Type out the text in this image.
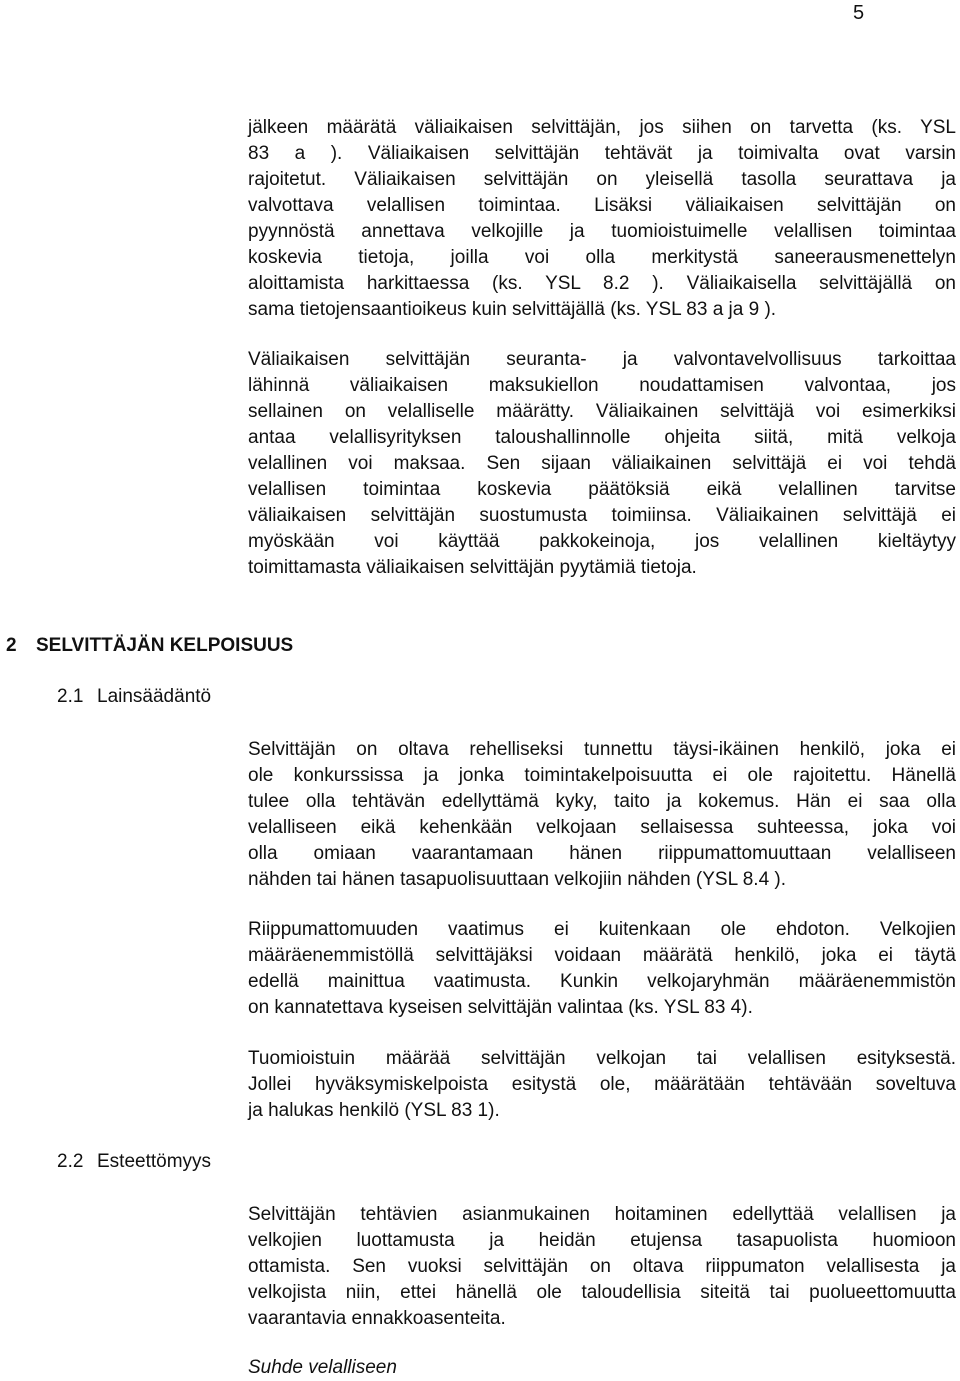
5
jälkeen määrätä väliaikaisen selvittäjän, jos siihen on tarvetta (ks. YSL
83 a ). Väliaikaisen selvittäjän tehtävät ja toimivalta ovat varsin
rajoitetut. Väliaikaisen selvittäjän on yleisellä tasolla seurattava ja
valvottava velallisen toimintaa. Lisäksi väliaikaisen selvittäjän on
pyynnöstä annettava velkojille ja tuomioistuimelle velallisen toimintaa
koskevia tietoja, joilla voi olla merkitystä saneerausmenettelyn
aloittamista harkittaessa (ks. YSL 8.2 ). Väliaikaisella selvittäjällä on
sama tietojensaantioikeus kuin selvittäjällä (ks. YSL 83 a ja 9 ).
Väliaikaisen selvittäjän seuranta- ja valvontavelvollisuus tarkoittaa
lähinnä väliaikaisen maksukiellon noudattamisen valvontaa, jos
sellainen on velalliselle määrätty. Väliaikainen selvittäjä voi esimerkiksi
antaa velallisyrityksen taloushallinnolle ohjeita siitä, mitä velkoja
velallinen voi maksaa. Sen sijaan väliaikainen selvittäjä ei voi tehdä
velallisen toimintaa koskevia päätöksiä eikä velallinen tarvitse
väliaikaisen selvittäjän suostumusta toimiinsa. Väliaikainen selvittäjä ei
myöskään voi käyttää pakkokeinoja, jos velallinen kieltäytyy
toimittamasta väliaikaisen selvittäjän pyytämiä tietoja.
2 SELVITTÄJÄN KELPOISUUS
2.1 Lainsäädäntö
Selvittäjän on oltava rehelliseksi tunnettu täysi-ikäinen henkilö, joka ei
ole konkurssissa ja jonka toimintakelpoisuutta ei ole rajoitettu. Hänellä
tulee olla tehtävän edellyttämä kyky, taito ja kokemus. Hän ei saa olla
velalliseen eikä kehenkään velkojaan sellaisessa suhteessa, joka voi
olla omiaan vaarantamaan hänen riippumattomuuttaan velalliseen
nähden tai hänen tasapuolisuuttaan velkojiin nähden (YSL 8.4 ).
Riippumattomuuden vaatimus ei kuitenkaan ole ehdoton. Velkojien
määräenemmistöllä selvittäjäksi voidaan määrätä henkilö, joka ei täytä
edellä mainittua vaatimusta. Kunkin velkojaryhmän määräenemmistön
on kannatettava kyseisen selvittäjän valintaa (ks. YSL 83 4).
Tuomioistuin määrää selvittäjän velkojan tai velallisen esityksestä.
Jollei hyväksymiskelpoista esitystä ole, määrätään tehtävään soveltuva
ja halukas henkilö (YSL 83 1).
2.2 Esteettömyys
Selvittäjän tehtävien asianmukainen hoitaminen edellyttää velallisen ja
velkojien luottamusta ja heidän etujensa tasapuolista huomioon
ottamista. Sen vuoksi selvittäjän on oltava riippumaton velallisesta ja
velkojista niin, ettei hänellä ole taloudellisia siteitä tai puolueettomuutta
vaarantavia ennakkoasenteita.

Suhde velalliseen
